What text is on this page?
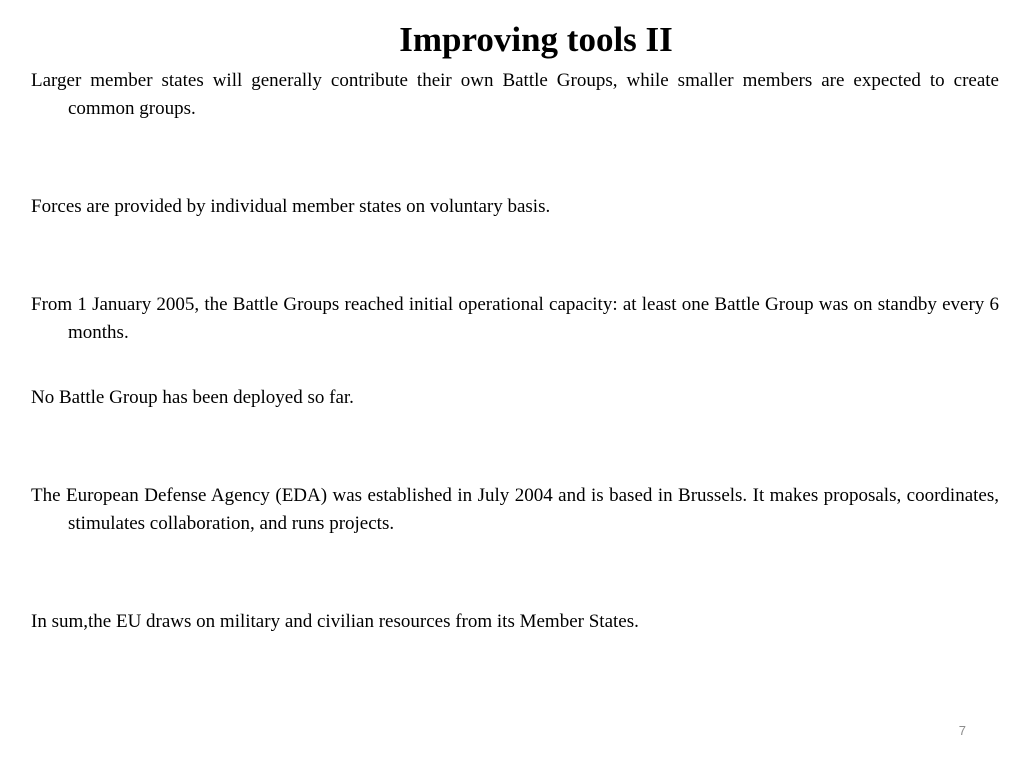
Improving tools II

Larger member states will generally contribute their own Battle Groups, while smaller members are expected to create common groups.

Forces are provided by individual member states on voluntary basis.

From 1 January 2005, the Battle Groups reached initial operational capacity: at least one Battle Group was on standby every 6 months.

No Battle Group has been deployed so far.

The European Defense Agency (EDA) was established in July 2004 and is based in Brussels. It makes proposals, coordinates, stimulates collaboration, and runs projects.

In sum,the EU draws on military and civilian resources from its Member States.

7
